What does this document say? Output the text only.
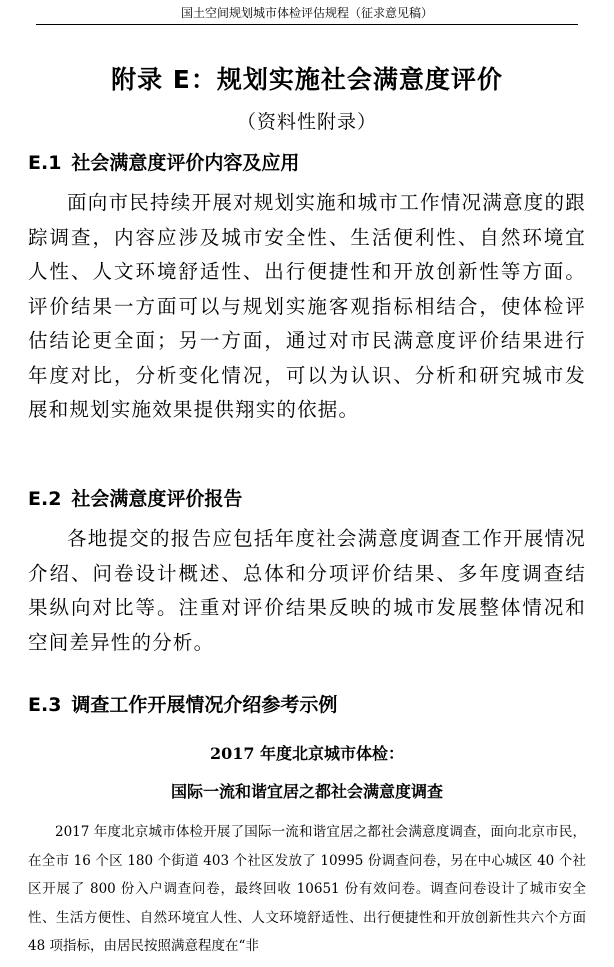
国土空间规划城市体检评估规程（征求意见稿）
附录 E：规划实施社会满意度评价
（资料性附录）
E.1 社会满意度评价内容及应用

面向市民持续开展对规划实施和城市工作情况满意度的跟踪调查，内容应涉及城市安全性、生活便利性、自然环境宜人性、人文环境舒适性、出行便捷性和开放创新性等方面。评价结果一方面可以与规划实施客观指标相结合，使体检评估结论更全面；另一方面，通过对市民满意度评价结果进行年度对比，分析变化情况，可以为认识、分析和研究城市发展和规划实施效果提供翔实的依据。

E.2 社会满意度评价报告

各地提交的报告应包括年度社会满意度调查工作开展情况介绍、问卷设计概述、总体和分项评价结果、多年度调查结果纵向对比等。注重对评价结果反映的城市发展整体情况和空间差异性的分析。

E.3 调查工作开展情况介绍参考示例
2017 年度北京城市体检：
国际一流和谐宜居之都社会满意度调查

2017 年度北京城市体检开展了国际一流和谐宜居之都社会满意度调查，面向北京市民，在全市 16 个区 180 个街道 403 个社区发放了 10995 份调查问卷，另在中心城区 40 个社区开展了 800 份入户调查问卷，最终回收 10651 份有效问卷。调查问卷设计了城市安全性、生活方便性、自然环境宜人性、人文环境舒适性、出行便捷性和开放创新性共六个方面 48 项指标，由居民按照满意程度在“非
